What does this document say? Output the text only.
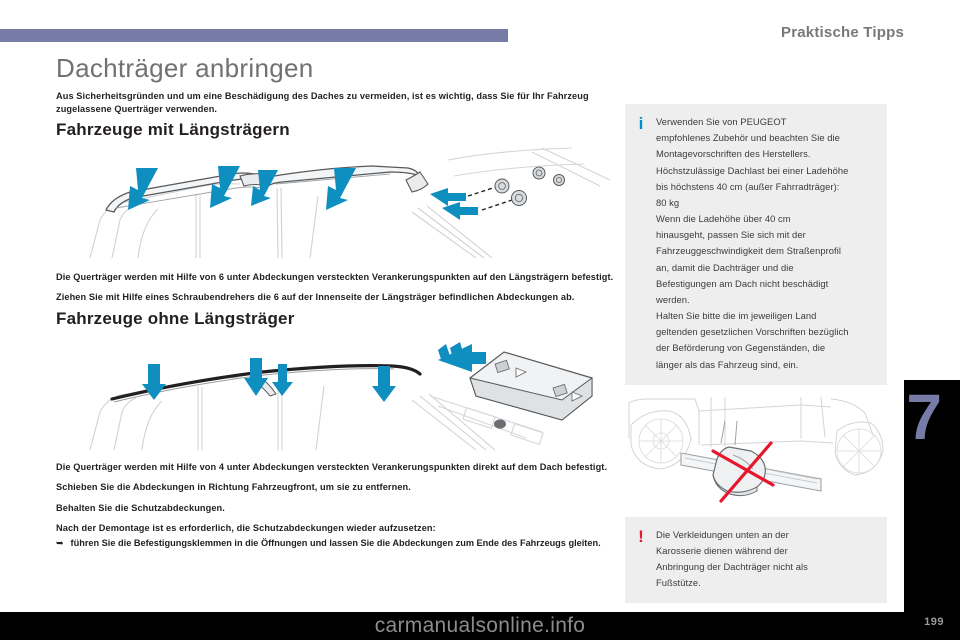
Praktische Tipps
7
Dachträger anbringen

Aus Sicherheitsgründen und um eine Beschädigung des Daches zu vermeiden, ist es wichtig, dass Sie für Ihr Fahrzeug zugelassene Querträger verwenden.

Fahrzeuge mit Längsträgern

Die Querträger werden mit Hilfe von 6 unter Abdeckungen versteckten Verankerungspunkten auf den Längsträgern befestigt.

Ziehen Sie mit Hilfe eines Schraubendrehers die 6 auf der Innenseite der Längsträger befindlichen Abdeckungen ab.

Fahrzeuge ohne Längsträger

Die Querträger werden mit Hilfe von 4 unter Abdeckungen versteckten Verankerungspunkten direkt auf dem Dach befestigt.

Schieben Sie die Abdeckungen in Richtung Fahrzeugfront, um sie zu entfernen.

Behalten Sie die Schutzabdeckungen.

Nach der Demontage ist es erforderlich, die Schutzabdeckungen wieder aufzusetzen:

➥ führen Sie die Befestigungsklemmen in die Öffnungen und lassen Sie die Abdeckungen zum Ende des Fahrzeugs gleiten.
i	Verwenden Sie von PEUGEOT
empfohlenes Zubehör und beachten Sie die
Montagevorschriften des Herstellers.
Höchstzulässige Dachlast bei einer Ladehöhe
bis höchstens 40 cm (außer Fahrradträger):
80 kg
Wenn die Ladehöhe über 40 cm
hinausgeht, passen Sie sich mit der
Fahrzeuggeschwindigkeit dem Straßenprofil
an, damit die Dachträger und die
Befestigungen am Dach nicht beschädigt
werden.
Halten Sie bitte die im jeweiligen Land
geltenden gesetzlichen Vorschriften bezüglich
der Beförderung von Gegenständen, die
länger als das Fahrzeug sind, ein.
!	Die Verkleidungen unten an der
Karosserie dienen während der
Anbringung der Dachträger nicht als
Fußstütze.
199
carmanualsonline.info
